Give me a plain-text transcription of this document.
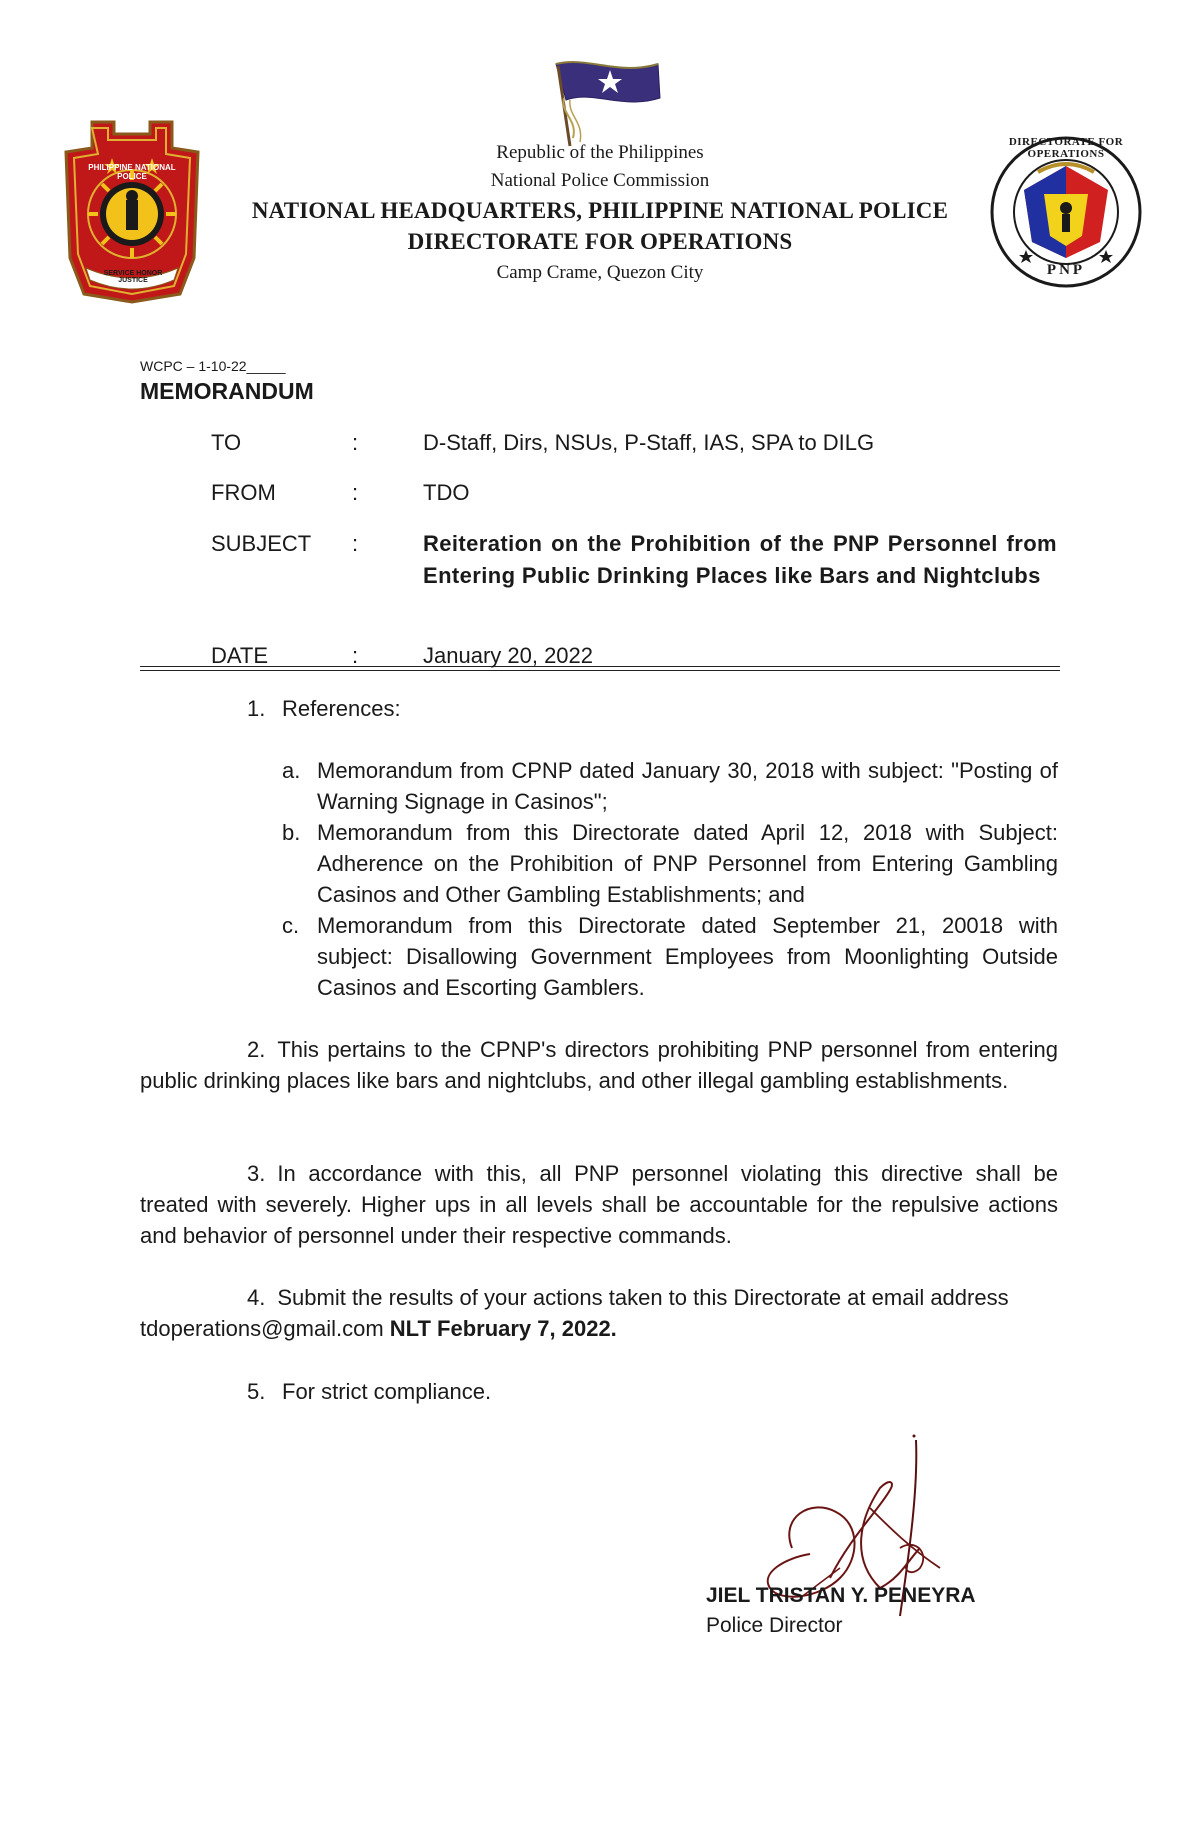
DIRECTORATE FOR OPERATIONS
PNP
PHILIPPINE NATIONAL POLICE
SERVICE HONOR JUSTICE
Republic of the Philippines
National Police Commission
NATIONAL HEADQUARTERS, PHILIPPINE NATIONAL POLICE
DIRECTORATE FOR OPERATIONS
Camp Crame, Quezon City
WCPC – 1-10-22_____
MEMORANDUM
TO	:	D-Staff, Dirs, NSUs, P-Staff, IAS, SPA to DILG
FROM	:	TDO
SUBJECT :	Reiteration on the Prohibition of the PNP Personnel from Entering Public Drinking Places like Bars and Nightclubs
DATE	:	January 20, 2022
1. References:
a. Memorandum from CPNP dated January 30, 2018 with subject: "Posting of Warning Signage in Casinos";
b. Memorandum from this Directorate dated April 12, 2018 with Subject: Adherence on the Prohibition of PNP Personnel from Entering Gambling Casinos and Other Gambling Establishments; and
c. Memorandum from this Directorate dated September 21, 20018 with subject: Disallowing Government Employees from Moonlighting Outside Casinos and Escorting Gamblers.
2. This pertains to the CPNP's directors prohibiting PNP personnel from entering public drinking places like bars and nightclubs, and other illegal gambling establishments.
3. In accordance with this, all PNP personnel violating this directive shall be treated with severely. Higher ups in all levels shall be accountable for the repulsive actions and behavior of personnel under their respective commands.
4. Submit the results of your actions taken to this Directorate at email address tdoperations@gmail.com NLT February 7, 2022.
5. For strict compliance.
JIEL TRISTAN Y. PENEYRA
Police Director
